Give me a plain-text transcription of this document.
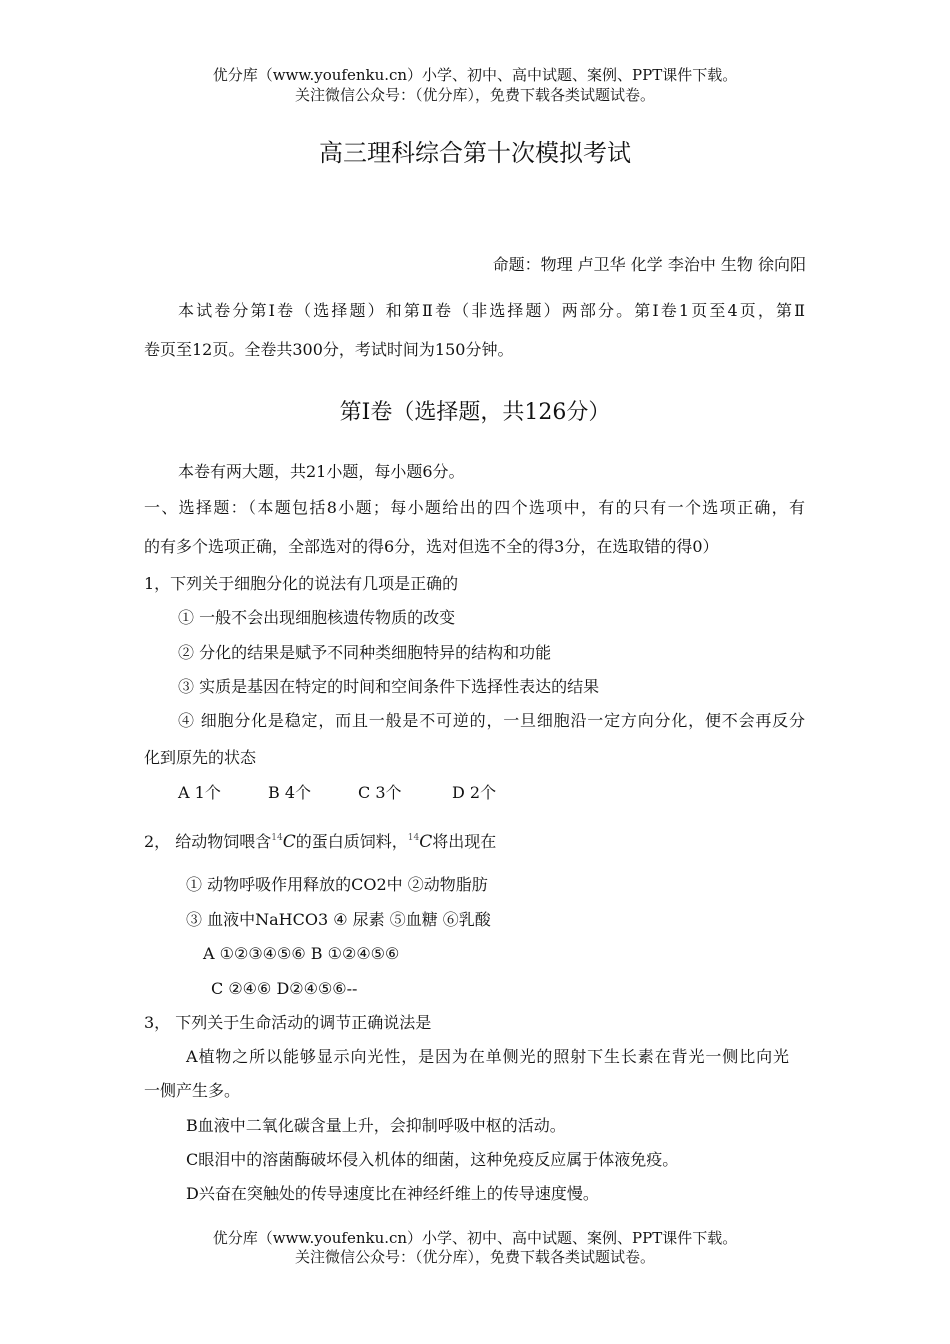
优分库（www.youfenku.cn）小学、初中、高中试题、案例、PPT课件下载。
关注微信公众号：（优分库），免费下载各类试题试卷。
高三理科综合第十次模拟考试
命题：物理 卢卫华 化学 李治中 生物 徐向阳
本试卷分第Ⅰ卷（选择题）和第Ⅱ卷（非选择题）两部分。第Ⅰ卷1页至4页，第Ⅱ
卷页至12页。全卷共300分，考试时间为150分钟。
第Ⅰ卷（选择题，共126分）
本卷有两大题，共21小题，每小题6分。
一、选择题：（本题包括8小题；每小题给出的四个选项中，有的只有一个选项正确，有
的有多个选项正确，全部选对的得6分，选对但选不全的得3分，在选取错的得0）
1，下列关于细胞分化的说法有几项是正确的
① 一般不会出现细胞核遗传物质的改变
② 分化的结果是赋予不同种类细胞特异的结构和功能
③ 实质是基因在特定的时间和空间条件下选择性表达的结果
④ 细胞分化是稳定，而且一般是不可逆的，一旦细胞沿一定方向分化，便不会再反分
化到原先的状态
A 1个	B 4个	C 3个	D 2个
2， 给动物饲喂含$^{14}$C的蛋白质饲料，$^{14}$C将出现在
① 动物呼吸作用释放的CO2中 ②动物脂肪
③ 血液中NaHCO3 ④ 尿素 ⑤血糖 ⑥乳酸
A ①②③④⑤⑥ B ①②④⑤⑥
C ②④⑥ D②④⑤⑥--
3， 下列关于生命活动的调节正确说法是
A植物之所以能够显示向光性，是因为在单侧光的照射下生长素在背光一侧比向光
一侧产生多。
B血液中二氧化碳含量上升，会抑制呼吸中枢的活动。
C眼泪中的溶菌酶破坏侵入机体的细菌，这种免疫反应属于体液免疫。
D兴奋在突触处的传导速度比在神经纤维上的传导速度慢。
优分库（www.youfenku.cn）小学、初中、高中试题、案例、PPT课件下载。
关注微信公众号：（优分库），免费下载各类试题试卷。
